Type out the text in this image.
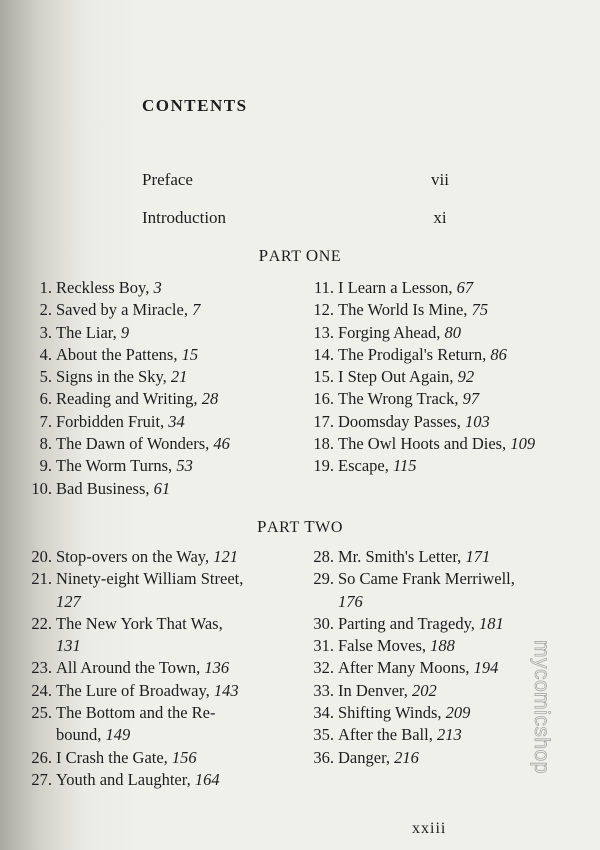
CONTENTS
Preface	vii
Introduction	xi
PART ONE
1. Reckless Boy, 3
2. Saved by a Miracle, 7
3. The Liar, 9
4. About the Pattens, 15
5. Signs in the Sky, 21
6. Reading and Writing, 28
7. Forbidden Fruit, 34
8. The Dawn of Wonders, 46
9. The Worm Turns, 53
10. Bad Business, 61
11. I Learn a Lesson, 67
12. The World Is Mine, 75
13. Forging Ahead, 80
14. The Prodigal's Return, 86
15. I Step Out Again, 92
16. The Wrong Track, 97
17. Doomsday Passes, 103
18. The Owl Hoots and Dies, 109
19. Escape, 115
PART TWO
20. Stop-overs on the Way, 121
21. Ninety-eight William Street,
127
22. The New York That Was,
131
23. All Around the Town, 136
24. The Lure of Broadway, 143
25. The Bottom and the Re-
bound, 149
26. I Crash the Gate, 156
27. Youth and Laughter, 164
28. Mr. Smith's Letter, 171
29. So Came Frank Merriwell,
176
30. Parting and Tragedy, 181
31. False Moves, 188
32. After Many Moons, 194
33. In Denver, 202
34. Shifting Winds, 209
35. After the Ball, 213
36. Danger, 216
xxiii
mycomicshop
